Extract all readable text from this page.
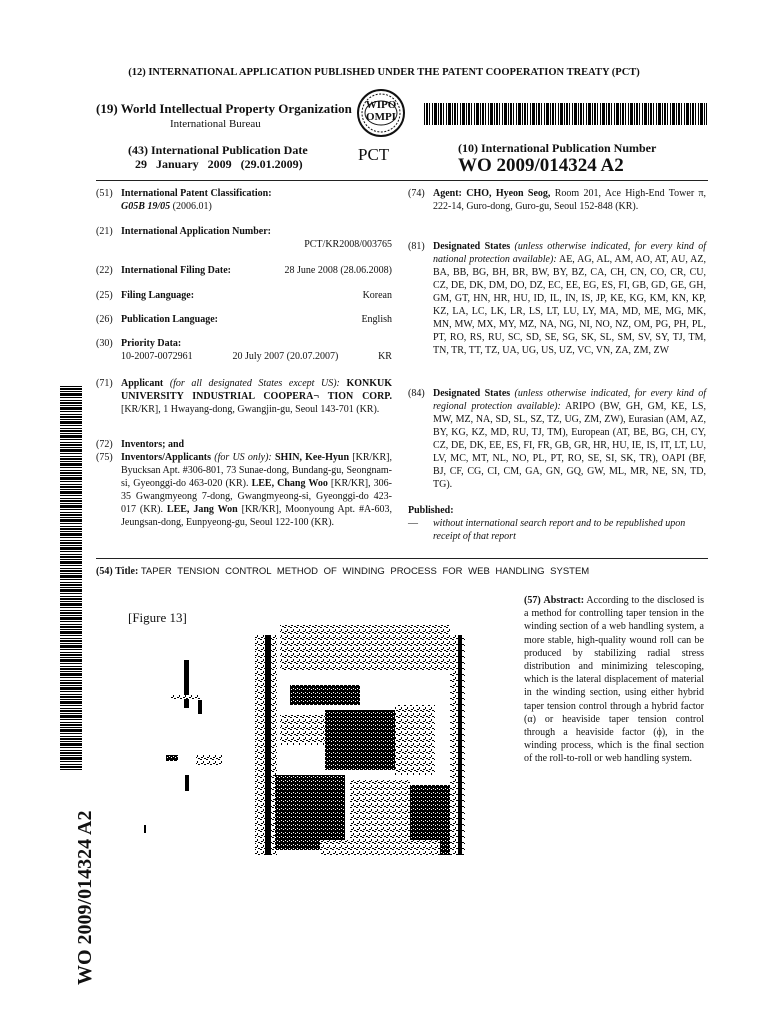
(12) INTERNATIONAL APPLICATION PUBLISHED UNDER THE PATENT COOPERATION TREATY (PCT)
(19) World Intellectual Property Organization
International Bureau
WIPO
OMPI
(43) International Publication Date
29 January 2009 (29.01.2009)	PCT	(10) International Publication Number
WO 2009/014324 A2
(51) International Patent Classification:
G05B 19/05 (2006.01)
(21) International Application Number:
PCT/KR2008/003765
(22) International Filing Date:	28 June 2008 (28.06.2008)
(25) Filing Language:	Korean
(26) Publication Language:	English
(30) Priority Data:
10-2007-0072961	20 July 2007 (20.07.2007)	KR
(71) Applicant (for all designated States except US): KONKUK UNIVERSITY INDUSTRIAL COOPERA¬ TION CORP. [KR/KR], 1 Hwayang-dong, Gwangjin-gu, Seoul 143-701 (KR).
(72) Inventors; and
(75) Inventors/Applicants (for US only): SHIN, Kee-Hyun [KR/KR], Byucksan Apt. #306-801, 73 Sunae-dong, Bundang-gu, Seongnam-si, Gyeonggi-do 463-020 (KR). LEE, Chang Woo [KR/KR], 306-35 Gwangmyeong 7-dong, Gwangmyeong-si, Gyeonggi-do 423-017 (KR). LEE, Jang Won [KR/KR], Moonyoung Apt. #A-603, Jeungsan-dong, Eunpyeong-gu, Seoul 122-100 (KR).
(74) Agent: CHO, Hyeon Seog, Room 201, Ace High-End Tower π, 222-14, Guro-dong, Guro-gu, Seoul 152-848 (KR).
(81) Designated States (unless otherwise indicated, for every kind of national protection available): AE, AG, AL, AM, AO, AT, AU, AZ, BA, BB, BG, BH, BR, BW, BY, BZ, CA, CH, CN, CO, CR, CU, CZ, DE, DK, DM, DO, DZ, EC, EE, EG, ES, FI, GB, GD, GE, GH, GM, GT, HN, HR, HU, ID, IL, IN, IS, JP, KE, KG, KM, KN, KP, KZ, LA, LC, LK, LR, LS, LT, LU, LY, MA, MD, ME, MG, MK, MN, MW, MX, MY, MZ, NA, NG, NI, NO, NZ, OM, PG, PH, PL, PT, RO, RS, RU, SC, SD, SE, SG, SK, SL, SM, SV, SY, TJ, TM, TN, TR, TT, TZ, UA, UG, US, UZ, VC, VN, ZA, ZM, ZW
(84) Designated States (unless otherwise indicated, for every kind of regional protection available): ARIPO (BW, GH, GM, KE, LS, MW, MZ, NA, SD, SL, SZ, TZ, UG, ZM, ZW), Eurasian (AM, AZ, BY, KG, KZ, MD, RU, TJ, TM), European (AT, BE, BG, CH, CY, CZ, DE, DK, EE, ES, FI, FR, GB, GR, HR, HU, IE, IS, IT, LT, LU, LV, MC, MT, NL, NO, PL, PT, RO, SE, SI, SK, TR), OAPI (BF, BJ, CF, CG, CI, CM, GA, GN, GQ, GW, ML, MR, NE, SN, TD, TG).
Published:
—	without international search report and to be republished upon receipt of that report
(54) Title: TAPER TENSION CONTROL METHOD OF WINDING PROCESS FOR WEB HANDLING SYSTEM
[Figure 13]
(57) Abstract: According to the disclosed is a method for controlling taper tension in the winding section of a web handling system, a more stable, high-quality wound roll can be produced by stabilizing radial stress distribution and minimizing telescoping, which is the lateral displacement of material in the winding section, using either hybrid taper tension control through a hybrid factor (α) or heaviside taper tension control through a heaviside factor (ϕ), in the winding process, which is the final section of the roll-to-roll or web handling system.
WO 2009/014324 A2
